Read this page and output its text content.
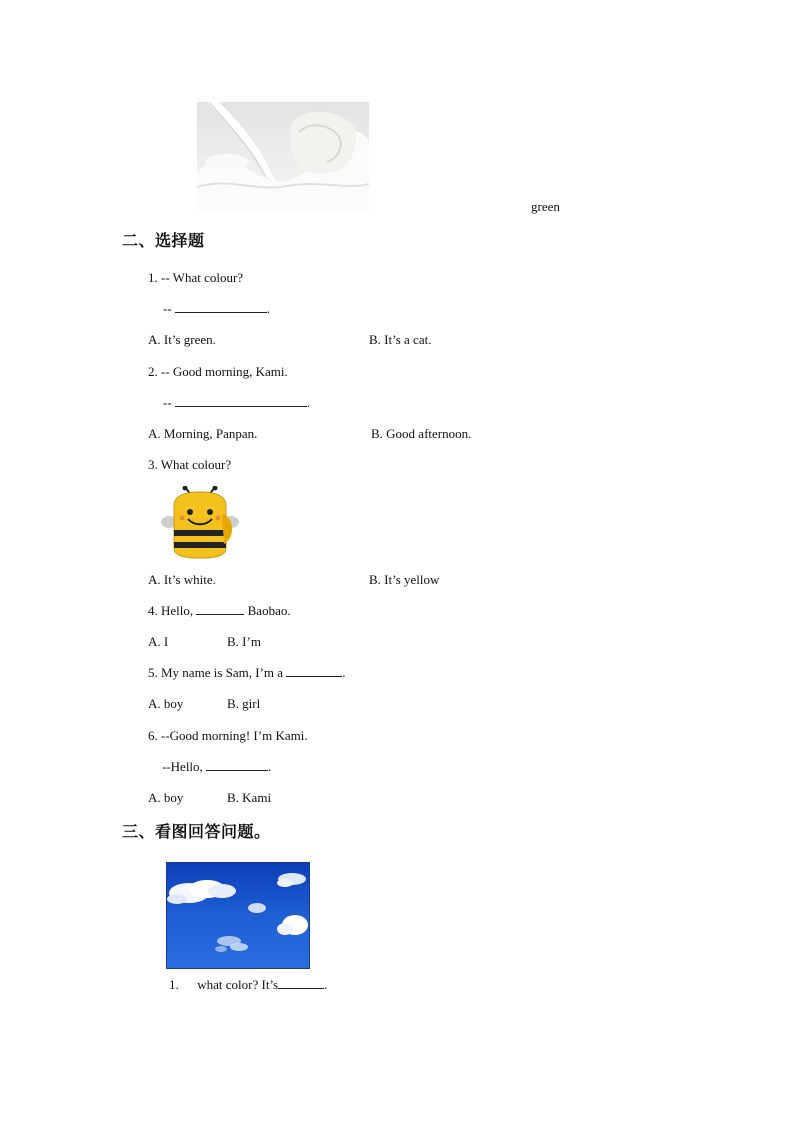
green
二、选择题
1. -- What colour?
--	.
A. It’s green.	B. It’s a cat.
2. -- Good morning, Kami.
--	.
A. Morning, Panpan.	B. Good afternoon.
3. What colour?
A. It’s white.	B. It’s yellow
4. Hello,	Baobao.
A. I	B. I’m
5. My name is Sam, I’m a	.
A. boy	B. girl
6. --Good morning! I’m Kami.
--Hello,	.
A. boy	B. Kami
三、看图回答问题。
1. what color? It’s	.
